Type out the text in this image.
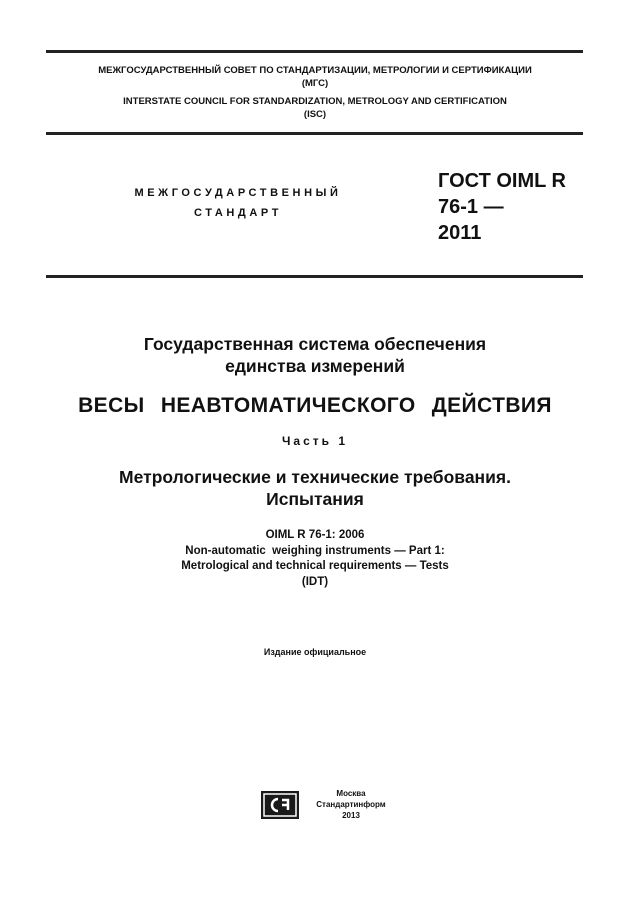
МЕЖГОСУДАРСТВЕННЫЙ СОВЕТ ПО СТАНДАРТИЗАЦИИ, МЕТРОЛОГИИ И СЕРТИФИКАЦИИ
(МГС)
INTERSTATE COUNCIL FOR STANDARDIZATION, METROLOGY AND CERTIFICATION
(ISC)
МЕЖГОСУДАРСТВЕННЫЙ
СТАНДАРТ
ГОСТ OIML R
76-1 —
2011
Государственная система обеспечения
единства измерений
ВЕСЫ НЕАВТОМАТИЧЕСКОГО ДЕЙСТВИЯ
Часть 1
Метрологические и технические требования.
Испытания
OIML R 76-1: 2006
Non-automatic  weighing instruments — Part 1:
Metrological and technical requirements — Tests
(IDT)
Издание официальное
Москва
Стандартинформ
2013
